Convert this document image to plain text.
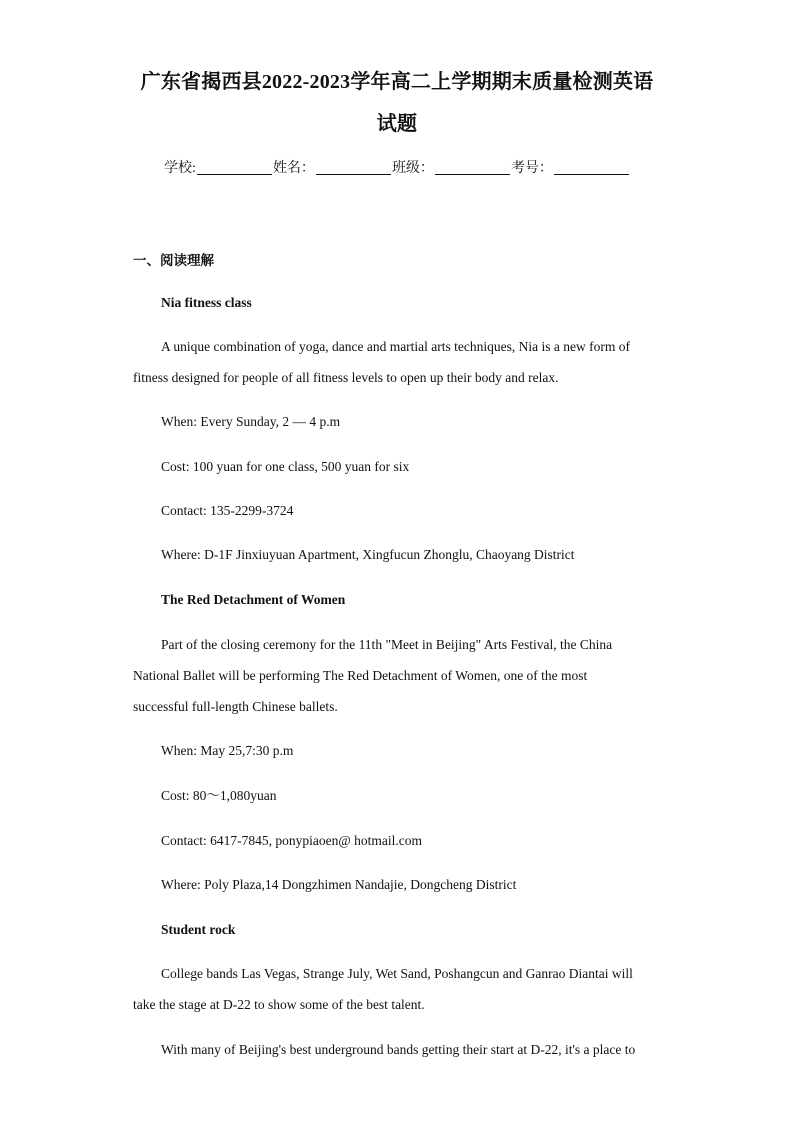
广东省揭西县2022-2023学年高二上学期期末质量检测英语
试题
学校:	姓名：	班级：	考号：
一、阅读理解
Nia fitness class
A unique combination of yoga, dance and martial arts techniques, Nia is a new form of
fitness designed for people of all fitness levels to open up their body and relax.
When: Every Sunday, 2 — 4 p.m
Cost: 100 yuan for one class, 500 yuan for six
Contact: 135-2299-3724
Where: D-1F Jinxiuyuan Apartment, Xingfucun Zhonglu, Chaoyang District
The Red Detachment of Women
Part of the closing ceremony for the 11th "Meet in Beijing" Arts Festival, the China
National Ballet will be performing The Red Detachment of Women, one of the most
successful full-length Chinese ballets.
When: May 25,7:30 p.m
Cost: 80～1,080yuan
Contact: 6417-7845, ponypiaoen@ hotmail.com
Where: Poly Plaza,14 Dongzhimen Nandajie, Dongcheng District
Student rock
College bands Las Vegas, Strange July, Wet Sand, Poshangcun and Ganrao Diantai will
take the stage at D-22 to show some of the best talent.
With many of Beijing's best underground bands getting their start at D-22, it's a place to
